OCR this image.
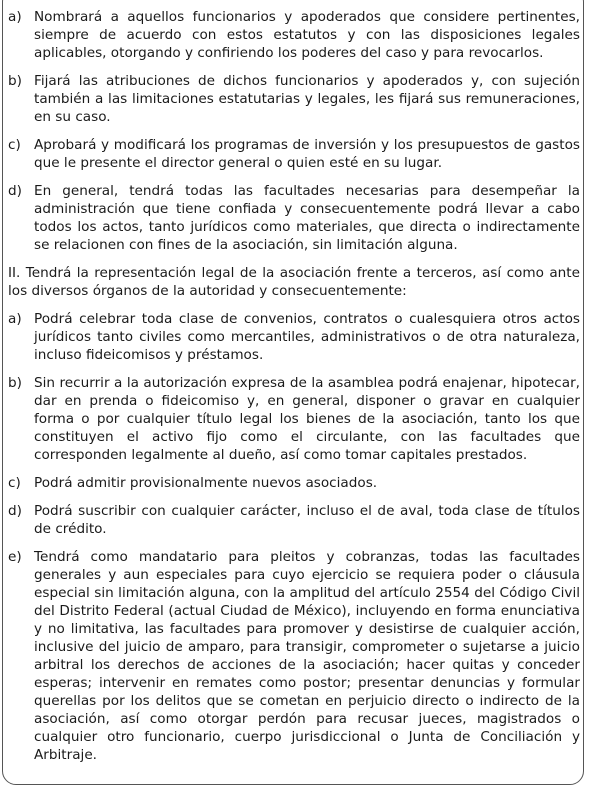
a) Nombrará a aquellos funcionarios y apoderados que considere pertinentes, siempre de acuerdo con estos estatutos y con las disposiciones legales aplicables, otorgando y confiriendo los poderes del caso y para revocarlos.
b) Fijará las atribuciones de dichos funcionarios y apoderados y, con sujeción también a las limitaciones estatutarias y legales, les fijará sus remuneraciones, en su caso.
c) Aprobará y modificará los programas de inversión y los presupuestos de gastos que le presente el director general o quien esté en su lugar.
d) En general, tendrá todas las facultades necesarias para desempeñar la administración que tiene confiada y consecuentemente podrá llevar a cabo todos los actos, tanto jurídicos como materiales, que directa o indirectamente se relacionen con fines de la asociación, sin limitación alguna.
II. Tendrá la representación legal de la asociación frente a terceros, así como ante los diversos órganos de la autoridad y consecuentemente:
a) Podrá celebrar toda clase de convenios, contratos o cualesquiera otros actos jurídicos tanto civiles como mercantiles, administrativos o de otra naturaleza, incluso fideicomisos y préstamos.
b) Sin recurrir a la autorización expresa de la asamblea podrá enajenar, hipotecar, dar en prenda o fideicomiso y, en general, disponer o gravar en cualquier forma o por cualquier título legal los bienes de la asociación, tanto los que constituyen el activo fijo como el circulante, con las facultades que corresponden legalmente al dueño, así como tomar capitales prestados.
c) Podrá admitir provisionalmente nuevos asociados.
d) Podrá suscribir con cualquier carácter, incluso el de aval, toda clase de títulos de crédito.
e) Tendrá como mandatario para pleitos y cobranzas, todas las facultades generales y aun especiales para cuyo ejercicio se requiera poder o cláusula especial sin limitación alguna, con la amplitud del artículo 2554 del Código Civil del Distrito Federal (actual Ciudad de México), incluyendo en forma enunciativa y no limitativa, las facultades para promover y desistirse de cualquier acción, inclusive del juicio de amparo, para transigir, comprometer o sujetarse a juicio arbitral los derechos de acciones de la asociación; hacer quitas y conceder esperas; intervenir en remates como postor; presentar denuncias y formular querellas por los delitos que se cometan en perjuicio directo o indirecto de la asociación, así como otorgar perdón para recusar jueces, magistrados o cualquier otro funcionario, cuerpo jurisdiccional o Junta de Conciliación y Arbitraje.
